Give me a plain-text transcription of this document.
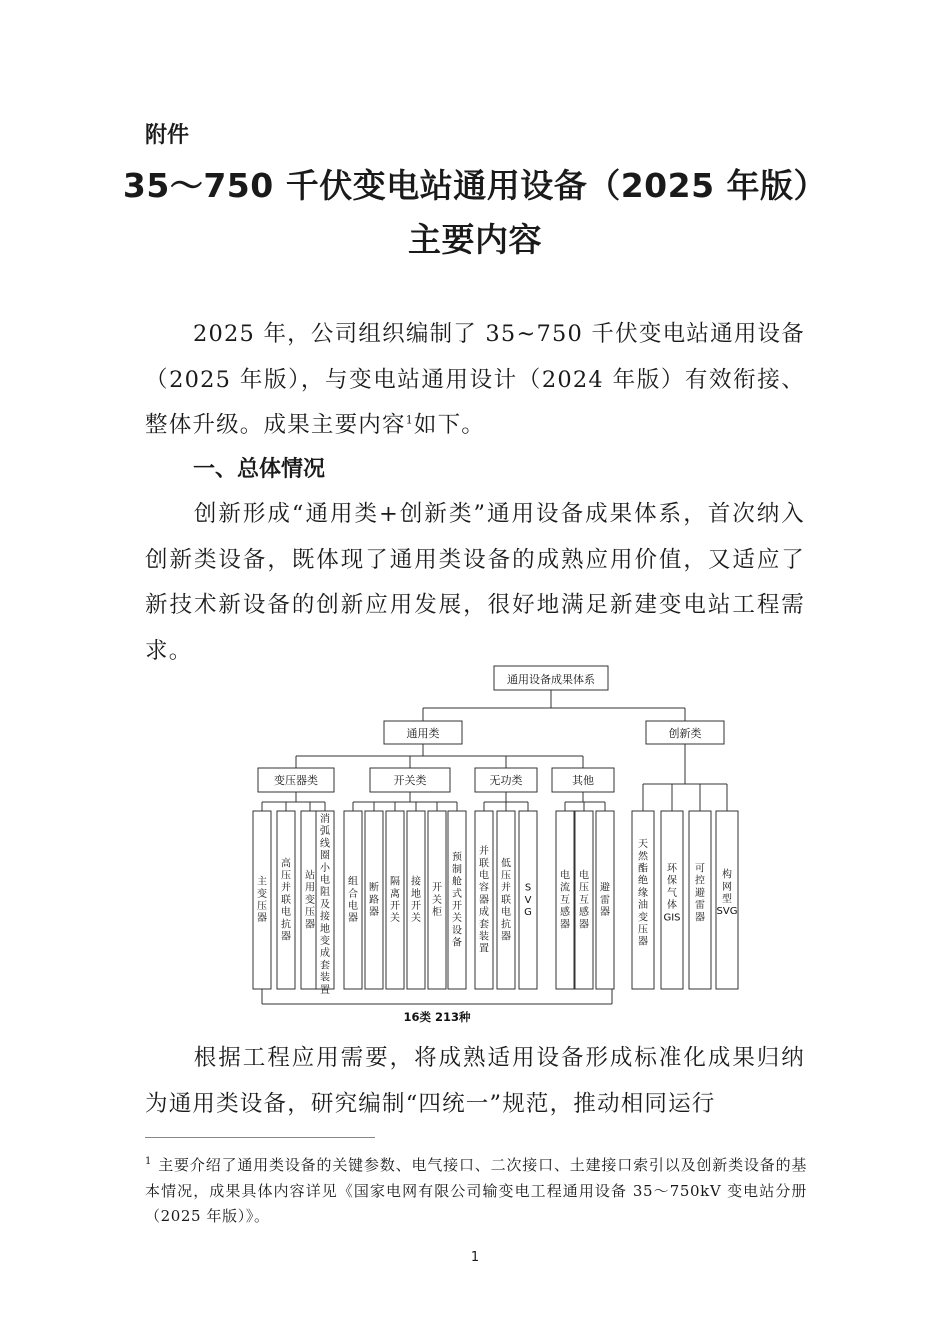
附件
35～750 千伏变电站通用设备（2025 年版）
主要内容
2025 年，公司组织编制了 35~750 千伏变电站通用设备（2025 年版），与变电站通用设计（2024 年版）有效衔接、整体升级。成果主要内容$^1$如下。
一、总体情况
创新形成“通用类+创新类”通用设备成果体系，首次纳入创新类设备，既体现了通用类设备的成熟应用价值，又适应了新技术新设备的创新应用发展，很好地满足新建变电站工程需求。
通用设备成果体系
通用类	创新类
变压器类
主变压器
高压并联电抗器
站用变压器
消弧线圈小电阻及接地变成套装置
开关类
组合电器
断路器
隔离开关
接地开关
开关柜
预制舱式开关设备
无功类
并联电容器成套装置
低压并联电抗器
S V G
其他
电流互感器
电压互感器
避雷器
天然酯绝缘油变压器
环保气体 GIS
可控避雷器
构网型 SVG
16类 213种
根据工程应用需要，将成熟适用设备形成标准化成果归纳为通用类设备，研究编制“四统一”规范，推动相同运行
$^1$ 主要介绍了通用类设备的关键参数、电气接口、二次接口、土建接口索引以及创新类设备的基本情况，成果具体内容详见《国家电网有限公司输变电工程通用设备 35～750kV 变电站分册（2025 年版）》。
1
